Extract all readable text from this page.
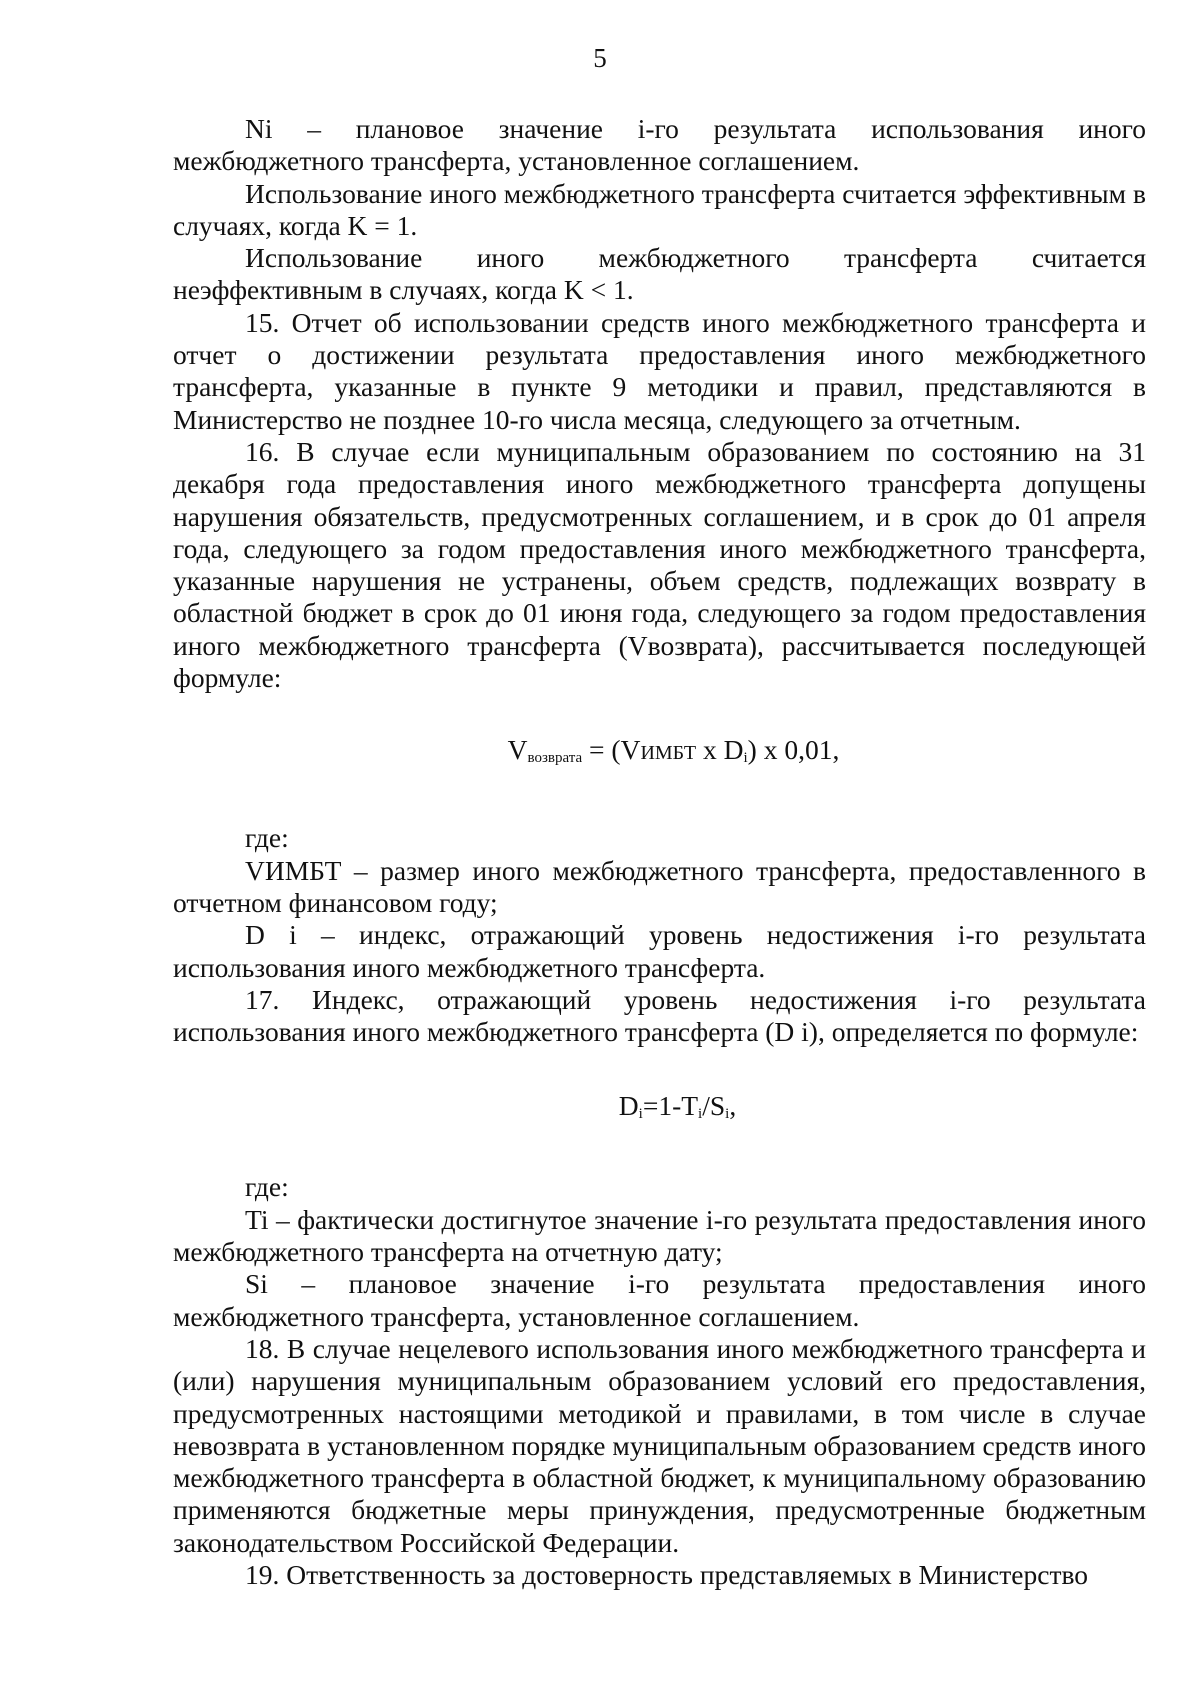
5

Ni – плановое значение i-го результата использования иного межбюджетного трансферта, установленное соглашением.

Использование иного межбюджетного трансферта считается эффективным в случаях, когда K = 1.

Использование иного межбюджетного трансферта считается неэффективным в случаях, когда K < 1.

15. Отчет об использовании средств иного межбюджетного трансферта и отчет о достижении результата предоставления иного межбюджетного трансферта, указанные в пункте 9 методики и правил, представляются в Министерство не позднее 10-го числа месяца, следующего за отчетным.

16. В случае если муниципальным образованием по состоянию на 31 декабря года предоставления иного межбюджетного трансферта допущены нарушения обязательств, предусмотренных соглашением, и в срок до 01 апреля года, следующего за годом предоставления иного межбюджетного трансферта, указанные нарушения не устранены, объем средств, подлежащих возврату в областной бюджет в срок до 01 июня года, следующего за годом предоставления иного межбюджетного трансферта (Vвозврата), рассчитывается последующей формуле:

$V_{возврата}$ = (VИМБТ x $D_i$) x 0,01,

где:

VИМБТ – размер иного межбюджетного трансферта, предоставленного в отчетном финансовом году;

D i – индекс, отражающий уровень недостижения i-го результата использования иного межбюджетного трансферта.

17. Индекс, отражающий уровень недостижения i-го результата использования иного межбюджетного трансферта (D i), определяется по формуле:

$D_i=1-T_i/S_i$,

где:

Ti – фактически достигнутое значение i-го результата предоставления иного межбюджетного трансферта на отчетную дату;

Si – плановое значение i-го результата предоставления иного межбюджетного трансферта, установленное соглашением.

18. В случае нецелевого использования иного межбюджетного трансферта и (или) нарушения муниципальным образованием условий его предоставления, предусмотренных настоящими методикой и правилами, в том числе в случае невозврата в установленном порядке муниципальным образованием средств иного межбюджетного трансферта в областной бюджет, к муниципальному образованию применяются бюджетные меры принуждения, предусмотренные бюджетным законодательством Российской Федерации.

19. Ответственность за достоверность представляемых в Министерство
